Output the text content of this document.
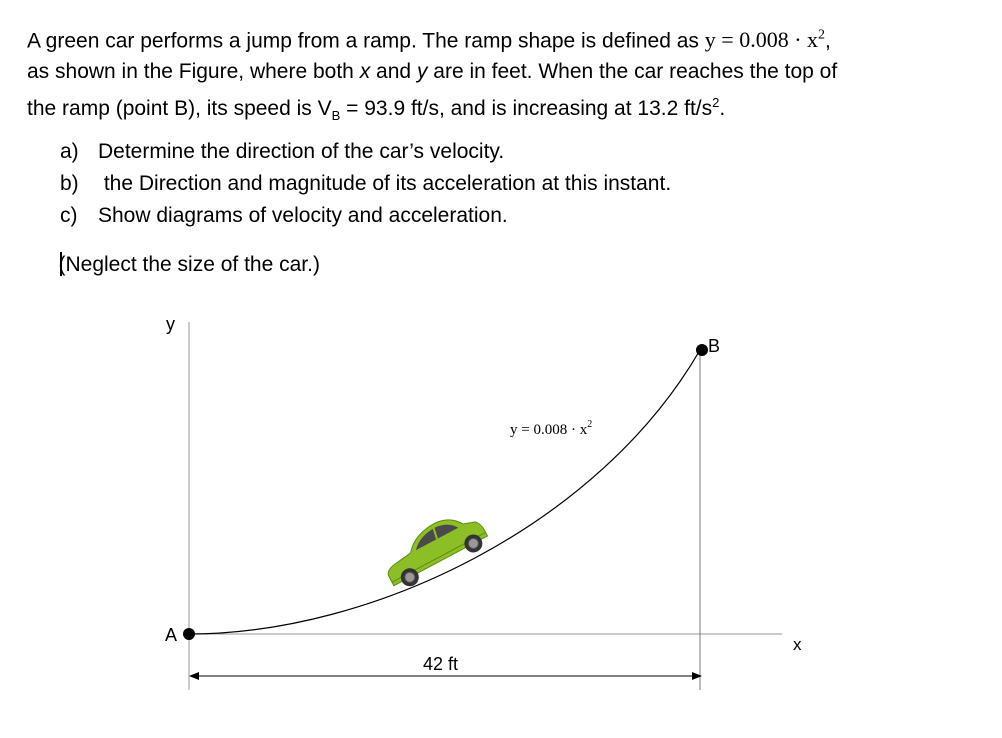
A green car performs a jump from a ramp. The ramp shape is defined as $y = 0.008 \cdot x^2$,

as shown in the Figure, where both x and y are in feet. When the car reaches the top of

the ramp (point B), its speed is $V_B = 93.9$ ft/s, and is increasing at 13.2 $ft/s^2$.

a) Determine the direction of the car’s velocity.
b) the Direction and magnitude of its acceleration at this instant.
c) Show diagrams of velocity and acceleration.
(Neglect the size of the car.)
y
x
A
B
$y = 0.008 \cdot x^2$
42 ft
